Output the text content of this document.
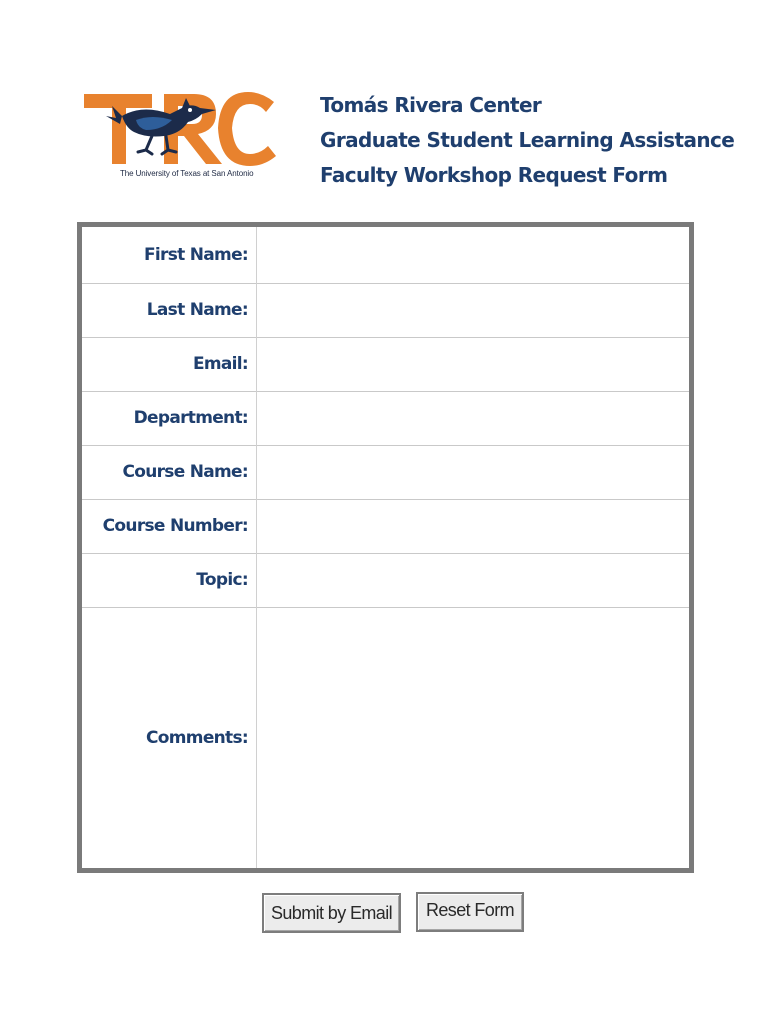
The University of Texas at San Antonio
Tomás Rivera Center
Graduate Student Learning Assistance
Faculty Workshop Request Form
First Name:	
Last Name:	
Email:	
Department:	
Course Name:	
Course Number:	
Topic:	
Comments:	
Submit by Email	Reset Form
